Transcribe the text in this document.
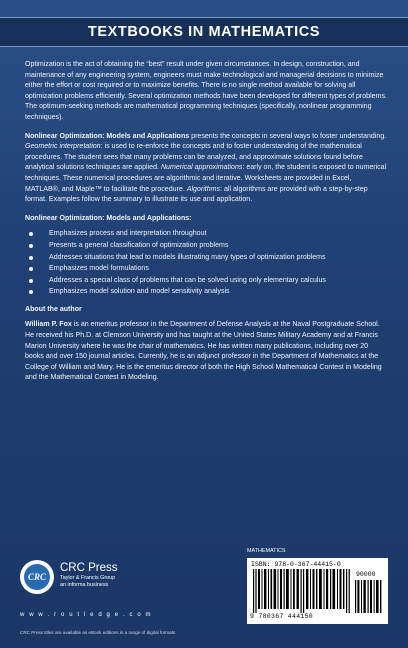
TEXTBOOKS IN MATHEMATICS

Optimization is the act of obtaining the “best” result under given circumstances. In design, construction, and maintenance of any engineering system, engineers must make technological and managerial decisions to minimize either the effort or cost required or to maximize benefits. There is no single method available for solving all optimization problems efficiently. Several optimization methods have been developed for different types of problems. The optimum-seeking methods are mathematical programming techniques (specifically, nonlinear programming techniques).

Nonlinear Optimization: Models and Applications presents the concepts in several ways to foster understanding. Geometric interpretation: is used to re-enforce the concepts and to foster understanding of the mathematical procedures. The student sees that many problems can be analyzed, and approximate solutions found before analytical solutions techniques are applied. Numerical approximations: early on, the student is exposed to numerical techniques. These numerical procedures are algorithmic and iterative. Worksheets are provided in Excel, MATLAB®, and Maple™ to facilitate the procedure. Algorithms: all algorithms are provided with a step-by-step format. Examples follow the summary to illustrate its use and application.

Nonlinear Optimization: Models and Applications:
Emphasizes process and interpretation throughout
Presents a general classification of optimization problems
Addresses situations that lead to models illustrating many types of optimization problems
Emphasizes model formulations
Addresses a special class of problems that can be solved using only elementary calculus
Emphasizes model solution and model sensitivity analysis
About the author

William P. Fox is an emeritus professor in the Department of Defense Analysis at the Naval Postgraduate School. He received his Ph.D. at Clemson University and has taught at the United States Military Academy and at Francis Marion University where he was the chair of mathematics. He has written many publications, including over 20 books and over 150 journal articles. Currently, he is an adjunct professor in the Department of Mathematics at the College of William and Mary. He is the emeritus director of both the High School Mathematical Contest in Modeling and the Mathematical Contest in Modeling.

CRC
CRC Press
Taylor & Francis Group
an informa business
w w w . r o u t l e d g e . c o m
CRC Press titles are available as eBook editions in a range of digital formats
MATHEMATICS
ISBN: 978-0-367-44415-0
90000
9 780367 444150
